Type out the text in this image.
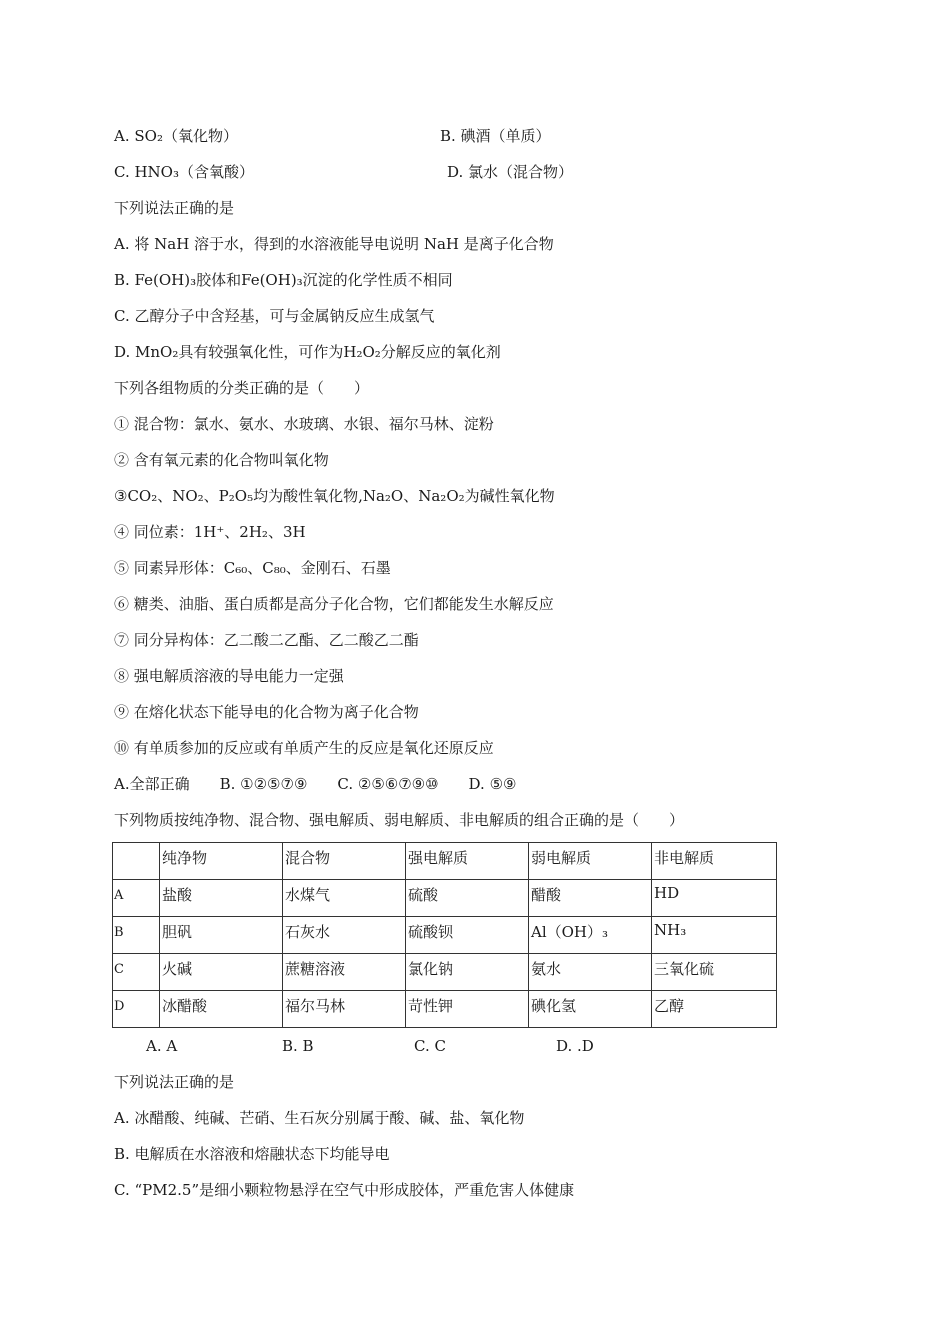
A. SO₂（氧化物）	B. 碘酒（单质）
C. HNO₃（含氧酸）	D. 氯水（混合物）
下列说法正确的是
A. 将 NaH 溶于水，得到的水溶液能导电说明 NaH 是离子化合物
B. Fe(OH)₃胶体和Fe(OH)₃沉淀的化学性质不相同
C. 乙醇分子中含羟基，可与金属钠反应生成氢气
D. MnO₂具有较强氧化性，可作为H₂O₂分解反应的氧化剂
下列各组物质的分类正确的是（　　）
① 混合物：氯水、氨水、水玻璃、水银、福尔马林、淀粉
② 含有氧元素的化合物叫氧化物
③CO₂、NO₂、P₂O₅均为酸性氧化物,Na₂O、Na₂O₂为碱性氧化物
④ 同位素：1H⁺、2H₂、3H
⑤ 同素异形体：C₆₀、C₈₀、金刚石、石墨
⑥ 糖类、油脂、蛋白质都是高分子化合物，它们都能发生水解反应
⑦ 同分异构体：乙二酸二乙酯、乙二酸乙二酯
⑧ 强电解质溶液的导电能力一定强
⑨ 在熔化状态下能导电的化合物为离子化合物
⑩ 有单质参加的反应或有单质产生的反应是氧化还原反应
A.全部正确　　B. ①②⑤⑦⑨　　C. ②⑤⑥⑦⑨⑩　　D. ⑤⑨
下列物质按纯净物、混合物、强电解质、弱电解质、非电解质的组合正确的是（　　）
	纯净物	混合物	强电解质	弱电解质	非电解质
A	盐酸	水煤气	硫酸	醋酸	HD
B	胆矾	石灰水	硫酸钡	Al（OH）₃	NH₃
C	火碱	蔗糖溶液	氯化钠	氨水	三氧化硫
D	冰醋酸	福尔马林	苛性钾	碘化氢	乙醇
A. A	B. B	C. C	D. .D
下列说法正确的是
A. 冰醋酸、纯碱、芒硝、生石灰分别属于酸、碱、盐、氧化物
B. 电解质在水溶液和熔融状态下均能导电
C. “PM2.5”是细小颗粒物悬浮在空气中形成胶体，严重危害人体健康
